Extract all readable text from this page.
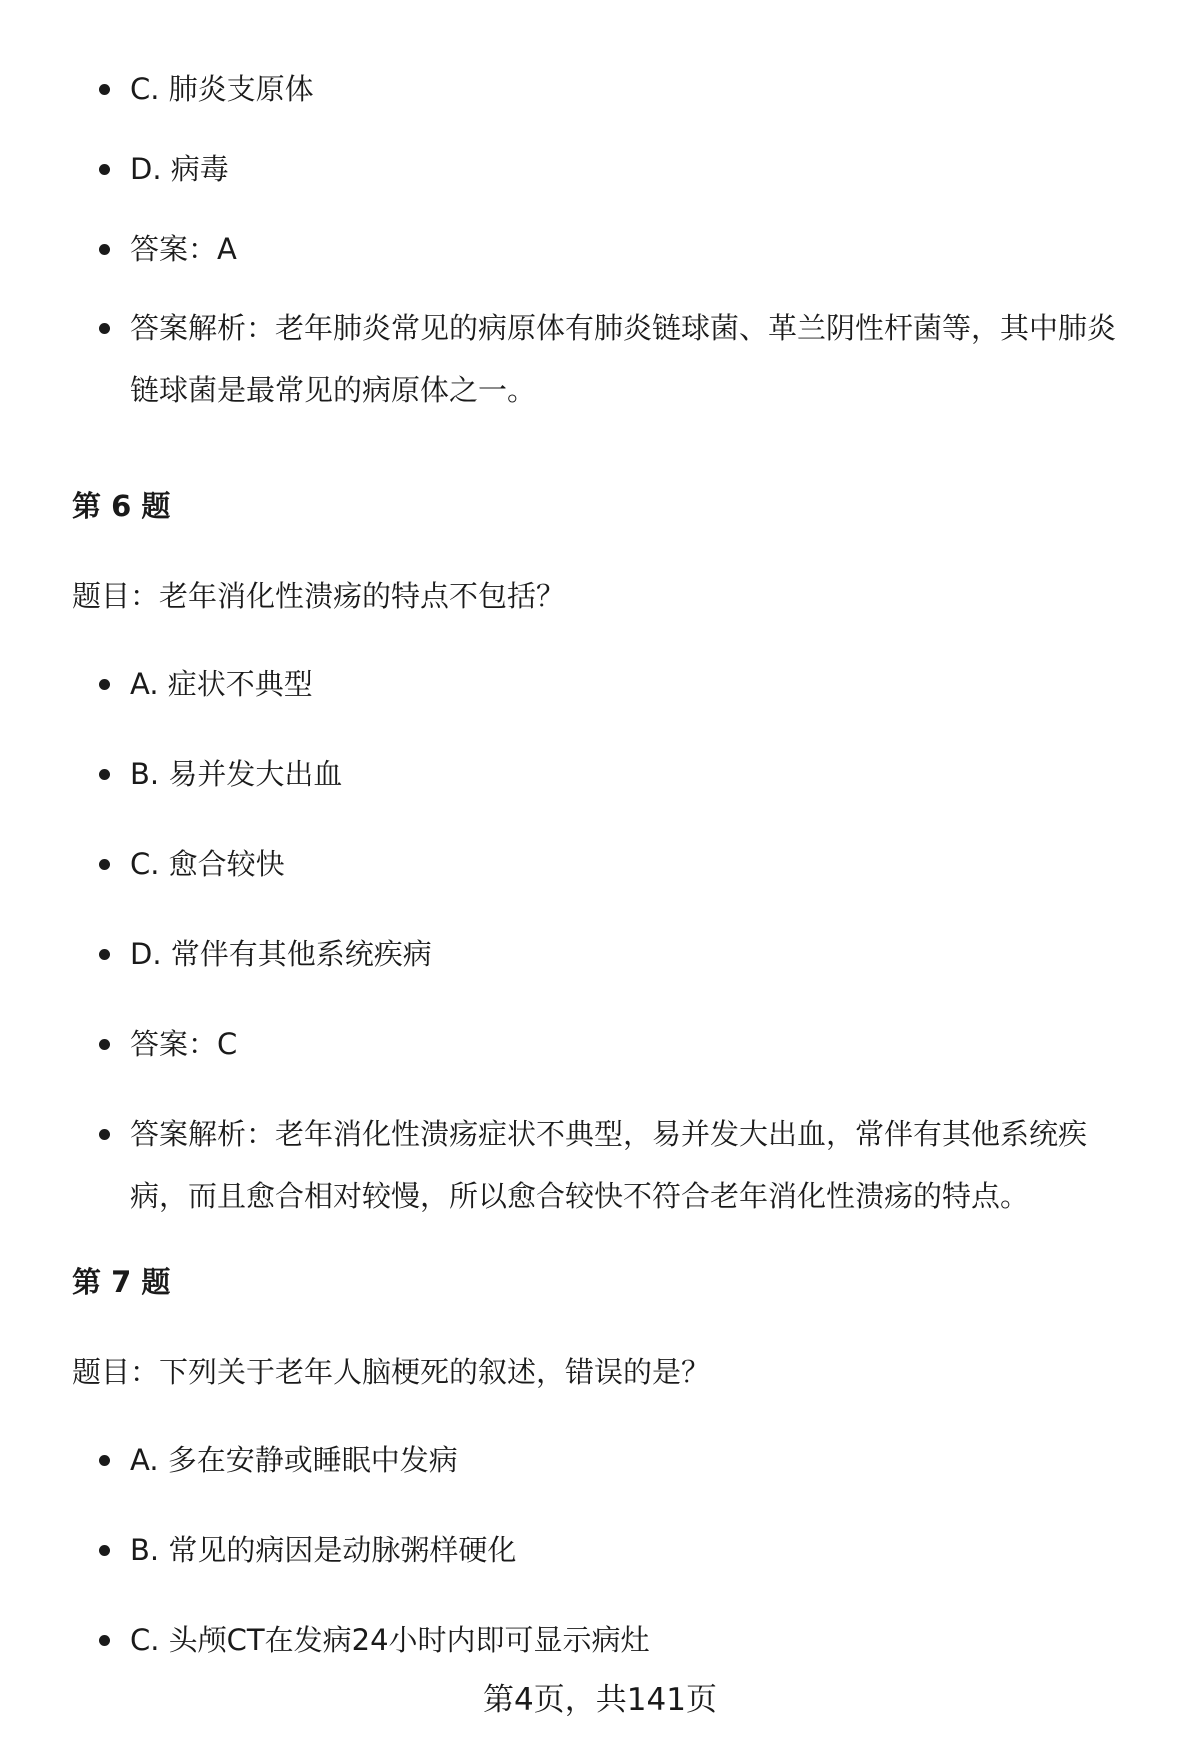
C. 肺炎支原体
D. 病毒
答案：A
答案解析：老年肺炎常见的病原体有肺炎链球菌、革兰阴性杆菌等，其中肺炎链球菌是最常见的病原体之一。
第 6 题
题目：老年消化性溃疡的特点不包括？
A. 症状不典型
B. 易并发大出血
C. 愈合较快
D. 常伴有其他系统疾病
答案：C
答案解析：老年消化性溃疡症状不典型，易并发大出血，常伴有其他系统疾病，而且愈合相对较慢，所以愈合较快不符合老年消化性溃疡的特点。
第 7 题
题目：下列关于老年人脑梗死的叙述，错误的是？
A. 多在安静或睡眠中发病
B. 常见的病因是动脉粥样硬化
C. 头颅CT在发病24小时内即可显示病灶
第4页，共141页
